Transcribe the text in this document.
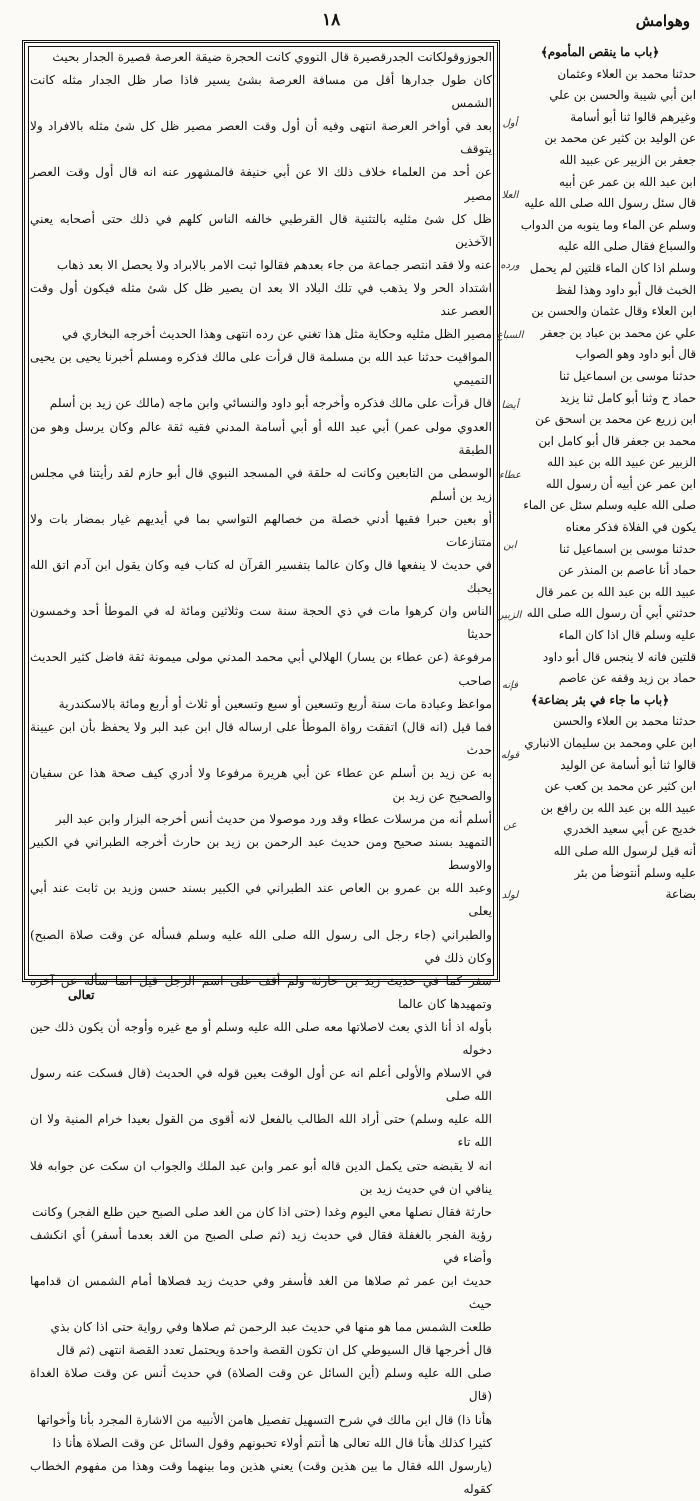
وهوامش
١٨

الجوزوقولكانت الجدرقصيرة قال النووي كانت الحجرة ضيقة العرصة قصيرة الجدار بحيث

كان طول جدارها أقل من مسافة العرصة بشئ يسير فاذا صار ظل الجدار مثله كانت الشمس

بعد في أواخر العرصة انتهى وفيه أن أول وقت العصر مصير ظل كل شئ مثله بالافراد ولا يتوقف

عن أحد من العلماء خلاف ذلك الا عن أبي حنيفة فالمشهور عنه انه قال أول وقت العصر مصير

ظل كل شئ مثليه بالتثنية قال القرطبي خالفه الناس كلهم في ذلك حتى أصحابه يعني الآخذين

عنه ولا فقد انتصر جماعة من جاء بعدهم فقالوا ثبت الامر بالابراد ولا يحصل الا بعد ذهاب

اشتداد الحر ولا يذهب في تلك البلاد الا بعد ان يصير ظل كل شئ مثله فيكون أول وقت العصر عند

مصير الظل مثليه وحكاية مثل هذا تغني عن رده انتهى وهذا الحديث أخرجه البخاري في

المواقيت حدثنا عبد الله بن مسلمة قال قرأت على مالك فذكره ومسلم أخبرنا يحيى بن يحيى التميمي

قال قرأت على مالك فذكره وأخرجه أبو داود والنسائي وابن ماجه (مالك عن زيد بن أسلم

العدوي مولى عمر) أبي عبد الله أو أبي أسامة المدني فقيه ثقة عالم وكان يرسل وهو من الطبقة

الوسطى من التابعين وكانت له حلقة في المسجد النبوي قال أبو حازم لقد رأيتنا في مجلس زيد بن أسلم

أو بعين حبرا فقيها أدني خصلة من خصالهم التواسي بما في أيديهم غيار بمضار بات ولا متنازعات

في حديث لا ينفعها قال وكان عالما بتفسير القرآن له كتاب فيه وكان يقول ابن آدم اتق الله يحبك

الناس وان كرهوا مات في ذي الحجة سنة ست وثلاثين ومائة له في الموطأ أحد وخمسون حديثا

مرفوعة (عن عطاء بن يسار) الهلالي أبي محمد المدني مولى ميمونة ثقة فاضل كثير الحديث صاحب

مواعظ وعبادة مات سنة أربع وتسعين أو سبع وتسعين أو ثلاث أو أربع ومائة بالاسكندرية

فما قيل (انه قال) اتفقت رواة الموطأ على ارساله قال ابن عبد البر ولا يحفظ بأن ابن عيينة حدث

به عن زيد بن أسلم عن عطاء عن أبي هريرة مرفوعا ولا أدري كيف صحة هذا عن سفيان والصحيح عن زيد بن

أسلم أنه من مرسلات عطاء وقد ورد موصولا من حديث أنس أخرجه البزار وابن عبد البر

التمهيد بسند صحيح ومن حديث عبد الرحمن بن زيد بن حارث أخرجه الطبراني في الكبير والاوسط

وعبد الله بن عمرو بن العاص عند الطبراني في الكبير بسند حسن وزيد بن ثابت عند أبي يعلى

والطبراني (جاء رجل الى رسول الله صلى الله عليه وسلم فسأله عن وقت صلاة الصبح) وكان ذلك في

سفر كما في حديث زيد بن حارثة ولم أقف على اسم الرجل قيل انما سأله عن آخره وتمهيدها كان عالما

بأوله اذ أنا الذي بعث لاصلاتها معه صلى الله عليه وسلم أو مع غيره وأوجه أن يكون ذلك حين دخوله

في الاسلام والأولى أعلم انه عن أول الوقت بعين قوله في الحديث (قال فسكت عنه رسول الله صلى

الله عليه وسلم) حتى أراد الله الطالب بالفعل لانه أقوى من القول بعيدا خرام المنية ولا ان الله تاء

انه لا يقبضه حتى يكمل الدين قاله أبو عمر وابن عبد الملك والجواب ان سكت عن جوابه فلا ينافي ان في حديث زيد بن

حارثة فقال نصلها معي اليوم وغدا (حتى اذا كان من الغد صلى الصبح حين طلع الفجر) وكانت

رؤية الفجر بالغفلة فقال في حديث زيد (ثم صلى الصبح من الغد بعدما أسفر) أي انكشف وأضاء في

حديث ابن عمر ثم صلاها من الغد فأسفر وفي حديث زيد فصلاها أمام الشمس ان قدامها حيث

طلعت الشمس مما هو منها في حديث عبد الرحمن ثم صلاها وفي رواية حتى اذا كان بذي

قال أخرجها قال السيوطي كل ان تكون القصة واحدة ويحتمل تعدد القصة انتهى (ثم قال

صلى الله عليه وسلم (أين السائل عن وقت الصلاة) في حديث أنس عن وقت صلاة الغداة (قال

هأنا ذا) قال ابن مالك في شرح التسهيل تفصيل هامن الأنبيه من الاشارة المجرد بأنا وأخواتها

كثيرا كذلك هأنا قال الله تعالى ها أنتم أولاء تحبونهم وقول السائل عن وقت الصلاة هأنا ذا

(يارسول الله فقال ما بين هذين وقت) يعني هذين وما بينهما وقت وهذا من مفهوم الخطاب كقوله

أول
العلا
ورده
السباع
أيضا
عطاء
ابن
الزبير
فإنه
قوله
عن
لولد

﴿باب ما ينقص المأموم﴾

حدثنا محمد بن العلاء وعثمان

ابن أبي شيبة والحسن بن علي

وغيرهم قالوا ثنا أبو أسامة

عن الوليد بن كثير عن محمد بن

جعفر بن الزبير عن عبيد الله

ابن عبد الله بن عمر عن أبيه

قال سئل رسول الله صلى الله عليه

وسلم عن الماء وما ينوبه من الدواب

والسباع فقال صلى الله عليه

وسلم اذا كان الماء قلتين لم يحمل

الخبث قال أبو داود وهذا لفظ

ابن العلاء وقال عثمان والحسن بن

علي عن محمد بن عباد بن جعفر

قال أبو داود وهو الصواب

حدثنا موسى بن اسماعيل ثنا

حماد ح وثنا أبو كامل ثنا يزيد

ابن زريع عن محمد بن اسحق عن

محمد بن جعفر قال أبو كامل ابن

الزبير عن عبيد الله بن عبد الله

ابن عمر عن أبيه أن رسول الله

صلى الله عليه وسلم سئل عن الماء

يكون في الفلاة فذكر معناه

حدثنا موسى بن اسماعيل ثنا

حماد أنا عاصم بن المنذر عن

عبيد الله بن عبد الله بن عمر قال

حدثني أبي أن رسول الله صلى الله

عليه وسلم قال اذا كان الماء

قلتين فانه لا ينجس قال أبو داود

حماد بن زيد وقفه عن عاصم

﴿باب ما جاء في بئر بضاعة﴾

حدثنا محمد بن العلاء والحسن

ابن علي ومحمد بن سليمان الانباري

قالوا ثنا أبو أسامة عن الوليد

ابن كثير عن محمد بن كعب عن

عبيد الله بن عبد الله بن رافع بن

خديج عن أبي سعيد الخدري

أنه قيل لرسول الله صلى الله

عليه وسلم أنتوضأ من بئر

بضاعة

تعالى
